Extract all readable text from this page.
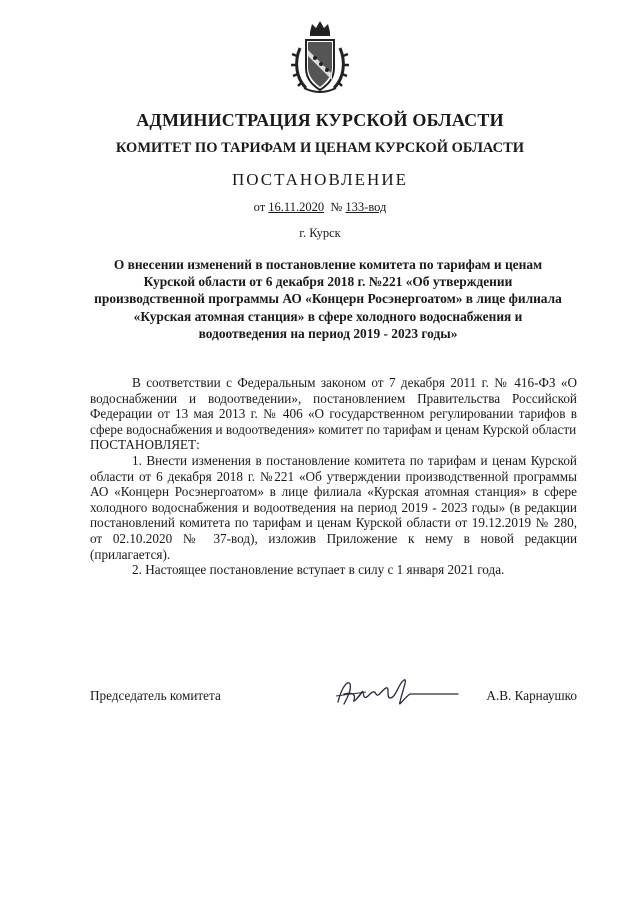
АДМИНИСТРАЦИЯ КУРСКОЙ ОБЛАСТИ
КОМИТЕТ ПО ТАРИФАМ И ЦЕНАМ КУРСКОЙ ОБЛАСТИ
ПОСТАНОВЛЕНИЕ
от 16.11.2020 № 133-вод
г. Курск
О внесении изменений в постановление комитета по тарифам и ценам Курской области от 6 декабря 2018 г. №221 «Об утверждении производственной программы АО «Концерн Росэнергоатом» в лице филиала «Курская атомная станция» в сфере холодного водоснабжения и водоотведения на период 2019 - 2023 годы»

В соответствии с Федеральным законом от 7 декабря 2011 г. № 416-ФЗ «О водоснабжении и водоотведении», постановлением Правительства Российской Федерации от 13 мая 2013 г. № 406 «О государственном регулировании тарифов в сфере водоснабжения и водоотведения» комитет по тарифам и ценам Курской области

ПОСТАНОВЛЯЕТ:

1. Внести изменения в постановление комитета по тарифам и ценам Курской области от 6 декабря 2018 г. №221 «Об утверждении производственной программы АО «Концерн Росэнергоатом» в лице филиала «Курская атомная станция» в сфере холодного водоснабжения и водоотведения на период 2019 - 2023 годы» (в редакции постановлений комитета по тарифам и ценам Курской области от 19.12.2019 № 280, от 02.10.2020 № 37-вод), изложив Приложение к нему в новой редакции (прилагается).

2. Настоящее постановление вступает в силу с 1 января 2021 года.

Председатель комитета	А.В. Карнаушко
